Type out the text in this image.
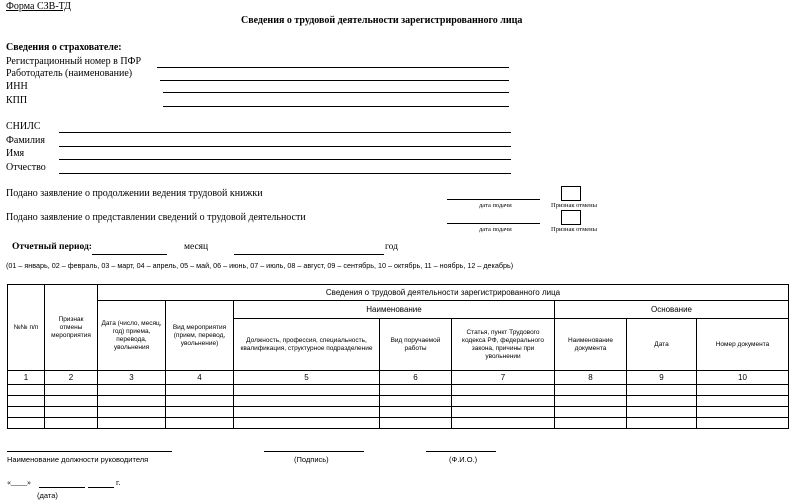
Форма СЗВ-ТД
Сведения о трудовой деятельности зарегистрированного лица
Сведения о страхователе:
Регистрационный номер в ПФР
Работодатель (наименование)
ИНН
КПП
СНИЛС
Фамилия
Имя
Отчество
Подано заявление о продолжении ведения трудовой книжки
дата подачи	Признак отмены
Подано заявление о представлении сведений о трудовой деятельности
дата подачи	Признак отмены
Отчетный период:	месяц	год
(01 – январь, 02 – февраль, 03 – март, 04 – апрель, 05 – май, 06 – июнь, 07 – июль, 08 – август, 09 – сентябрь, 10 – октябрь, 11 – ноябрь, 12 – декабрь)
№№ п/п	Признак отмены мероприятия	Сведения о трудовой деятельности зарегистрированного лица							
		Дата (число, месяц, год) приема, перевода, увольнения	Вид мероприятия (прием, перевод, увольнение)	Наименование			Основание		
				Должность, профессия, специальность, квалификация, структурное подразделение	Вид поручаемой работы	Статья, пункт Трудового кодекса РФ, федерального закона, причины при увольнении	Наименование документа	Дата	Номер документа
1	2	3	4	5	6	7	8	9	10

Наименование должности руководителя	(Подпись)	(Ф.И.О.)
«____»	г.
(дата)
